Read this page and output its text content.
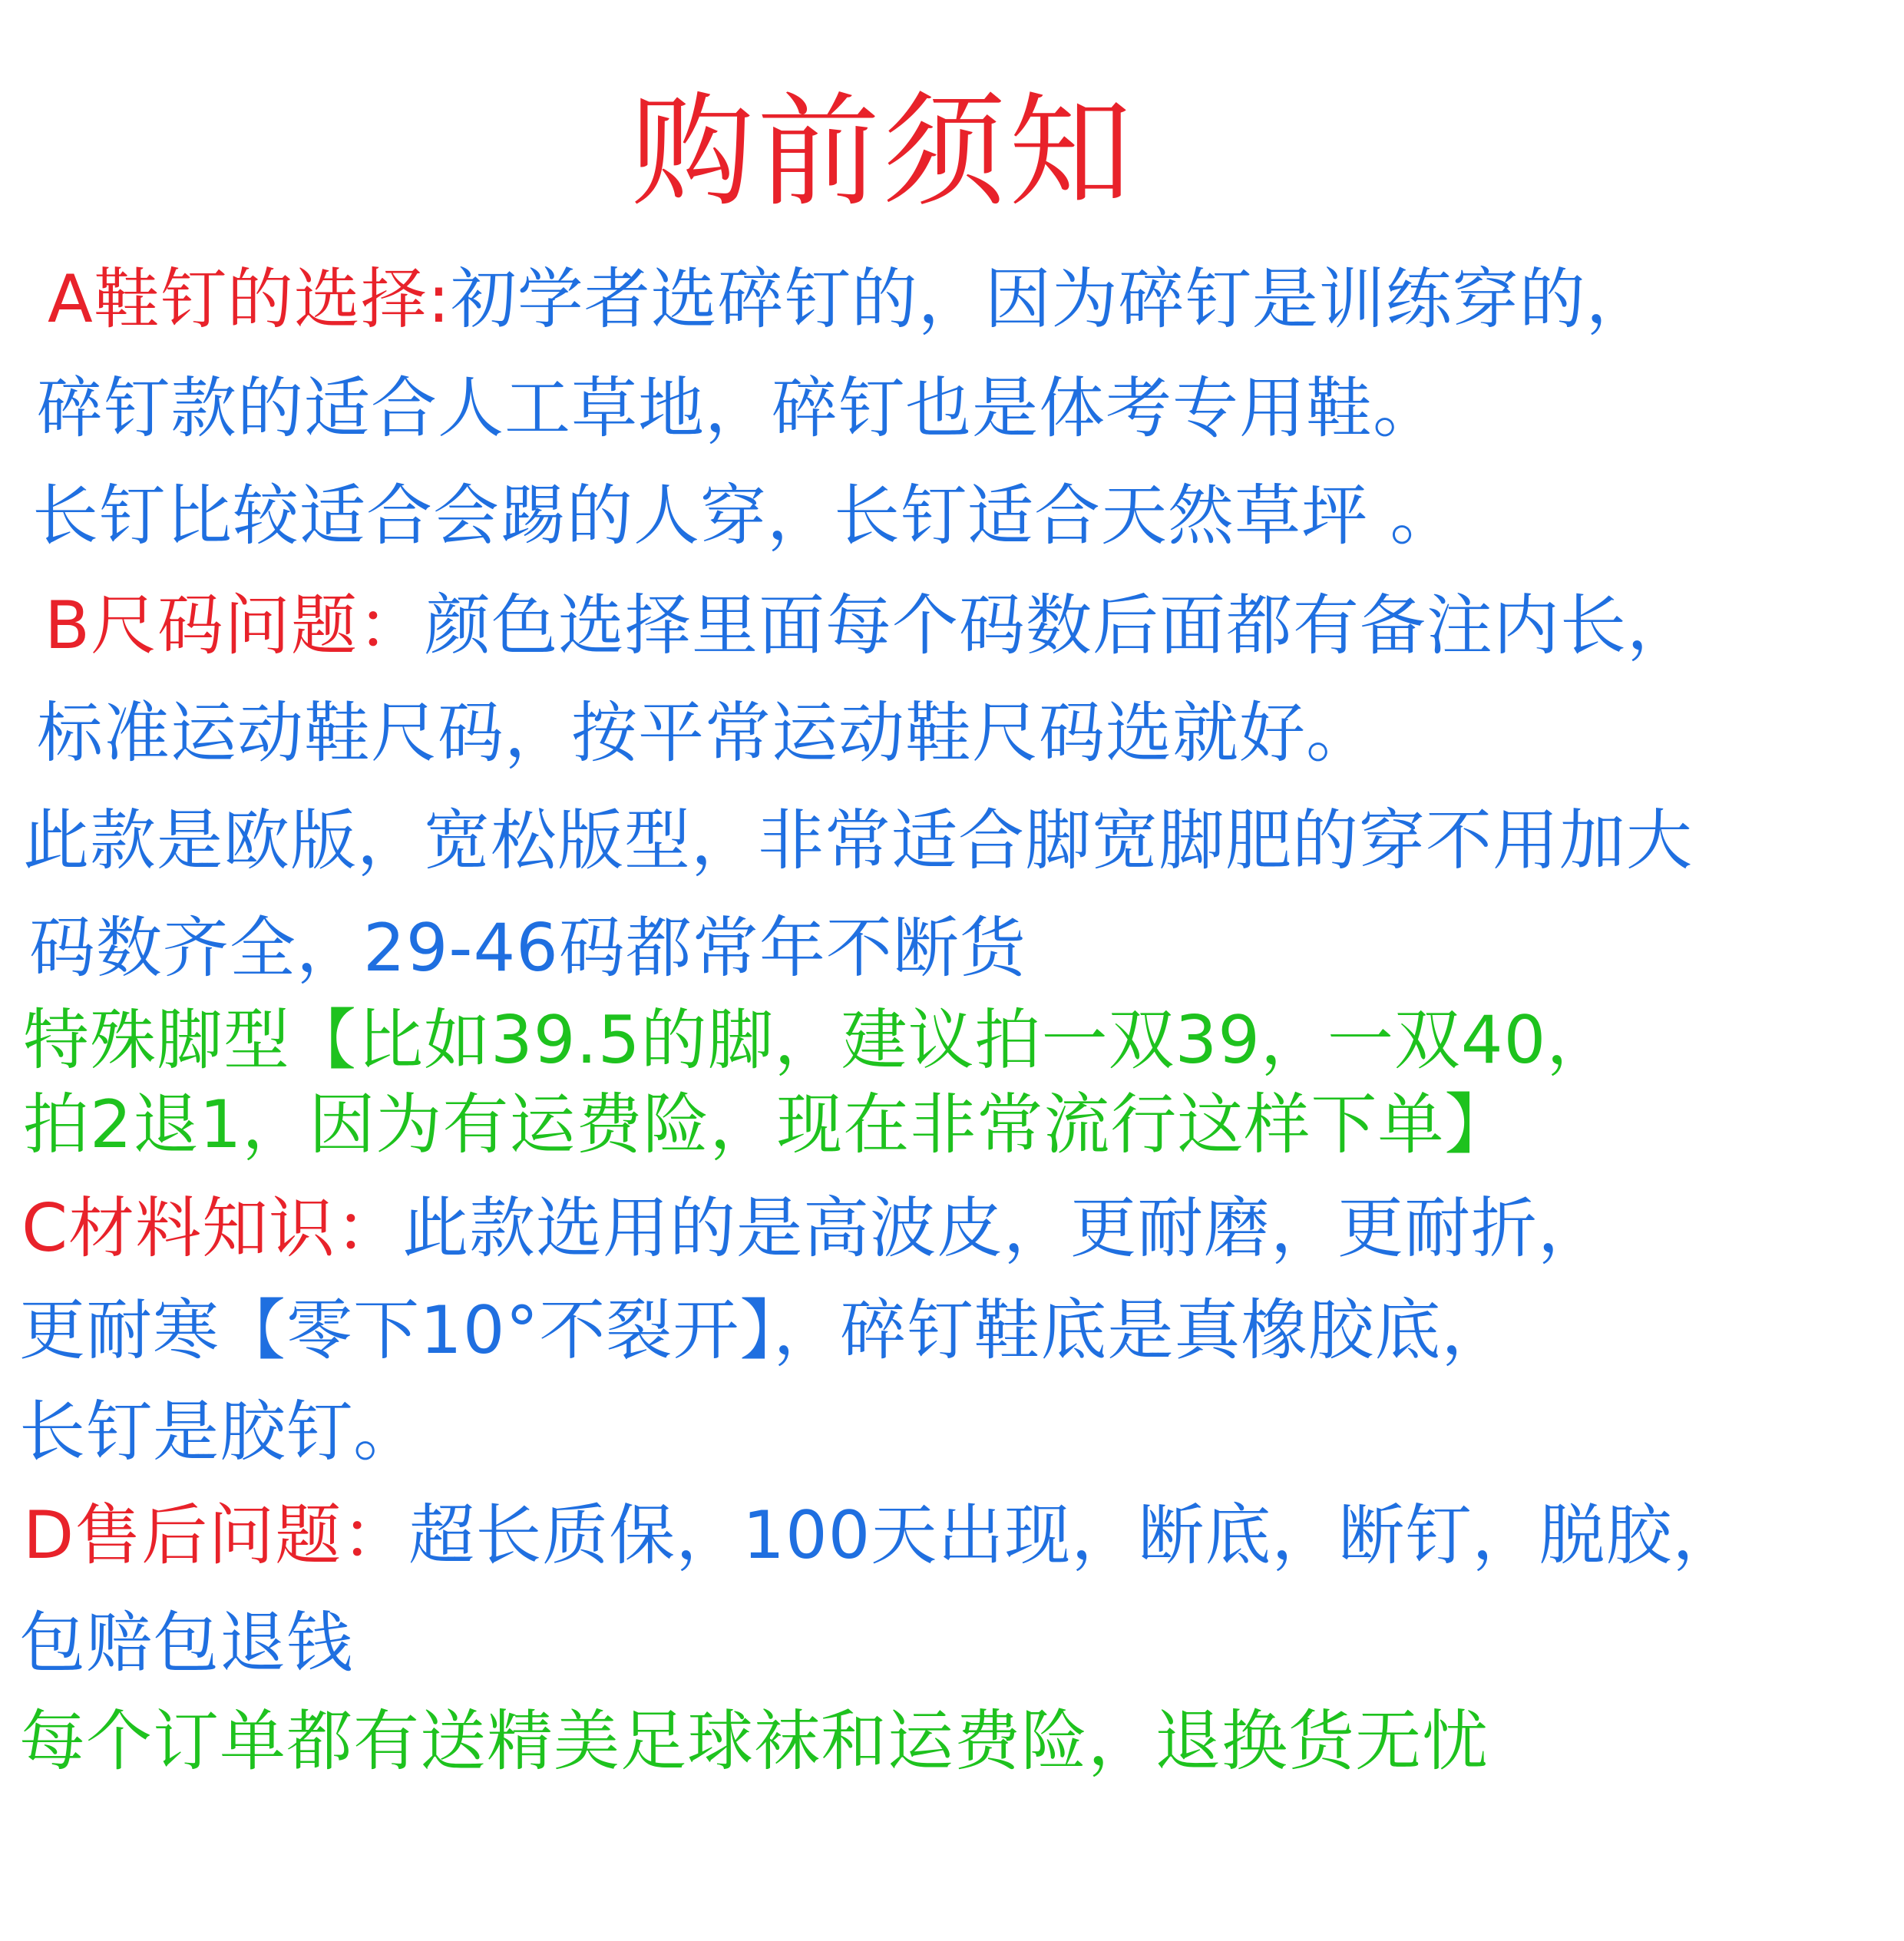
购前须知
A鞋钉的选择:初学者选碎钉的，因为碎钉是训练穿的，
碎钉款的适合人工草地，碎钉也是体考专用鞋。
长钉比较适合会踢的人穿，长钉适合天然草坪 。
B尺码问题：颜色选择里面每个码数后面都有备注内长，
标准运动鞋尺码，按平常运动鞋尺码选就好。
此款是欧版，宽松版型，非常适合脚宽脚肥的穿不用加大
码数齐全，29-46码都常年不断货
特殊脚型【比如39.5的脚，建议拍一双39，一双40，
拍2退1，因为有运费险，现在非常流行这样下单】
C材料知识：此款选用的是高波皮，更耐磨，更耐折，
更耐寒【零下10°不裂开】，碎钉鞋底是真橡胶底，
长钉是胶钉。
D售后问题：超长质保，100天出现，断底，断钉，脱胶，
包赔包退钱
每个订单都有送精美足球袜和运费险，退换货无忧
